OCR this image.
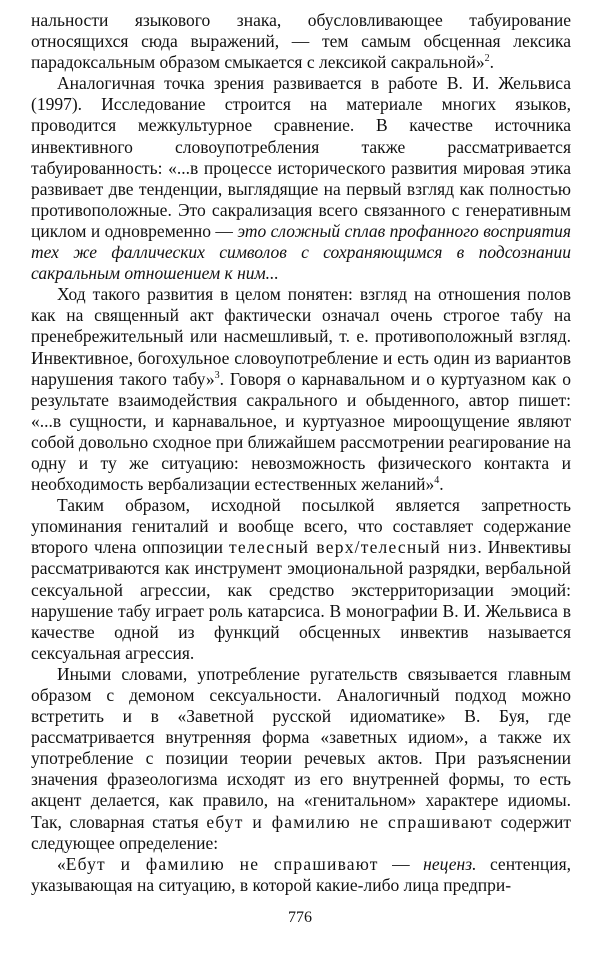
нальности языкового знака, обусловливающее табуирование относящихся сюда выражений, — тем самым обсценная лексика парадоксальным образом смыкается с лексикой сакральной»$^2$.

Аналогичная точка зрения развивается в работе В. И. Жельвиса (1997). Исследование строится на материале многих языков, проводится межкультурное сравнение. В качестве источника инвективного словоупотребления также рассматривается табуированность: «...в процессе исторического развития мировая этика развивает две тенденции, выглядящие на первый взгляд как полностью противоположные. Это сакрализация всего связанного с генеративным циклом и одновременно — это сложный сплав профанного восприятия тех же фаллических символов с сохраняющимся в подсознании сакральным отношением к ним...

Ход такого развития в целом понятен: взгляд на отношения полов как на священный акт фактически означал очень строгое табу на пренебрежительный или насмешливый, т. е. противоположный взгляд. Инвективное, богохульное словоупотребление и есть один из вариантов нарушения такого табу»$^3$. Говоря о карнавальном и о куртуазном как о результате взаимодействия сакрального и обыденного, автор пишет: «...в сущности, и карнавальное, и куртуазное мироощущение являют собой довольно сходное при ближайшем рассмотрении реагирование на одну и ту же ситуацию: невозможность физического контакта и необходимость вербализации естественных желаний»$^4$.

Таким образом, исходной посылкой является запретность упоминания гениталий и вообще всего, что составляет содержание второго члена оппозиции телесный верх/телесный низ. Инвективы рассматриваются как инструмент эмоциональной разрядки, вербальной сексуальной агрессии, как средство экстерриторизации эмоций: нарушение табу играет роль катарсиса. В монографии В. И. Жельвиса в качестве одной из функций обсценных инвектив называется сексуальная агрессия.

Иными словами, употребление ругательств связывается главным образом с демоном сексуальности. Аналогичный подход можно встретить и в «Заветной русской идиоматике» В. Буя, где рассматривается внутренняя форма «заветных идиом», а также их употребление с позиции теории речевых актов. При разъяснении значения фразеологизма исходят из его внутренней формы, то есть акцент делается, как правило, на «генитальном» характере идиомы. Так, словарная статья ебут и фамилию не спрашивают содержит следующее определение:

«Ебут и фамилию не спрашивают — неценз. сентенция, указывающая на ситуацию, в которой какие-либо лица предпри-

776
